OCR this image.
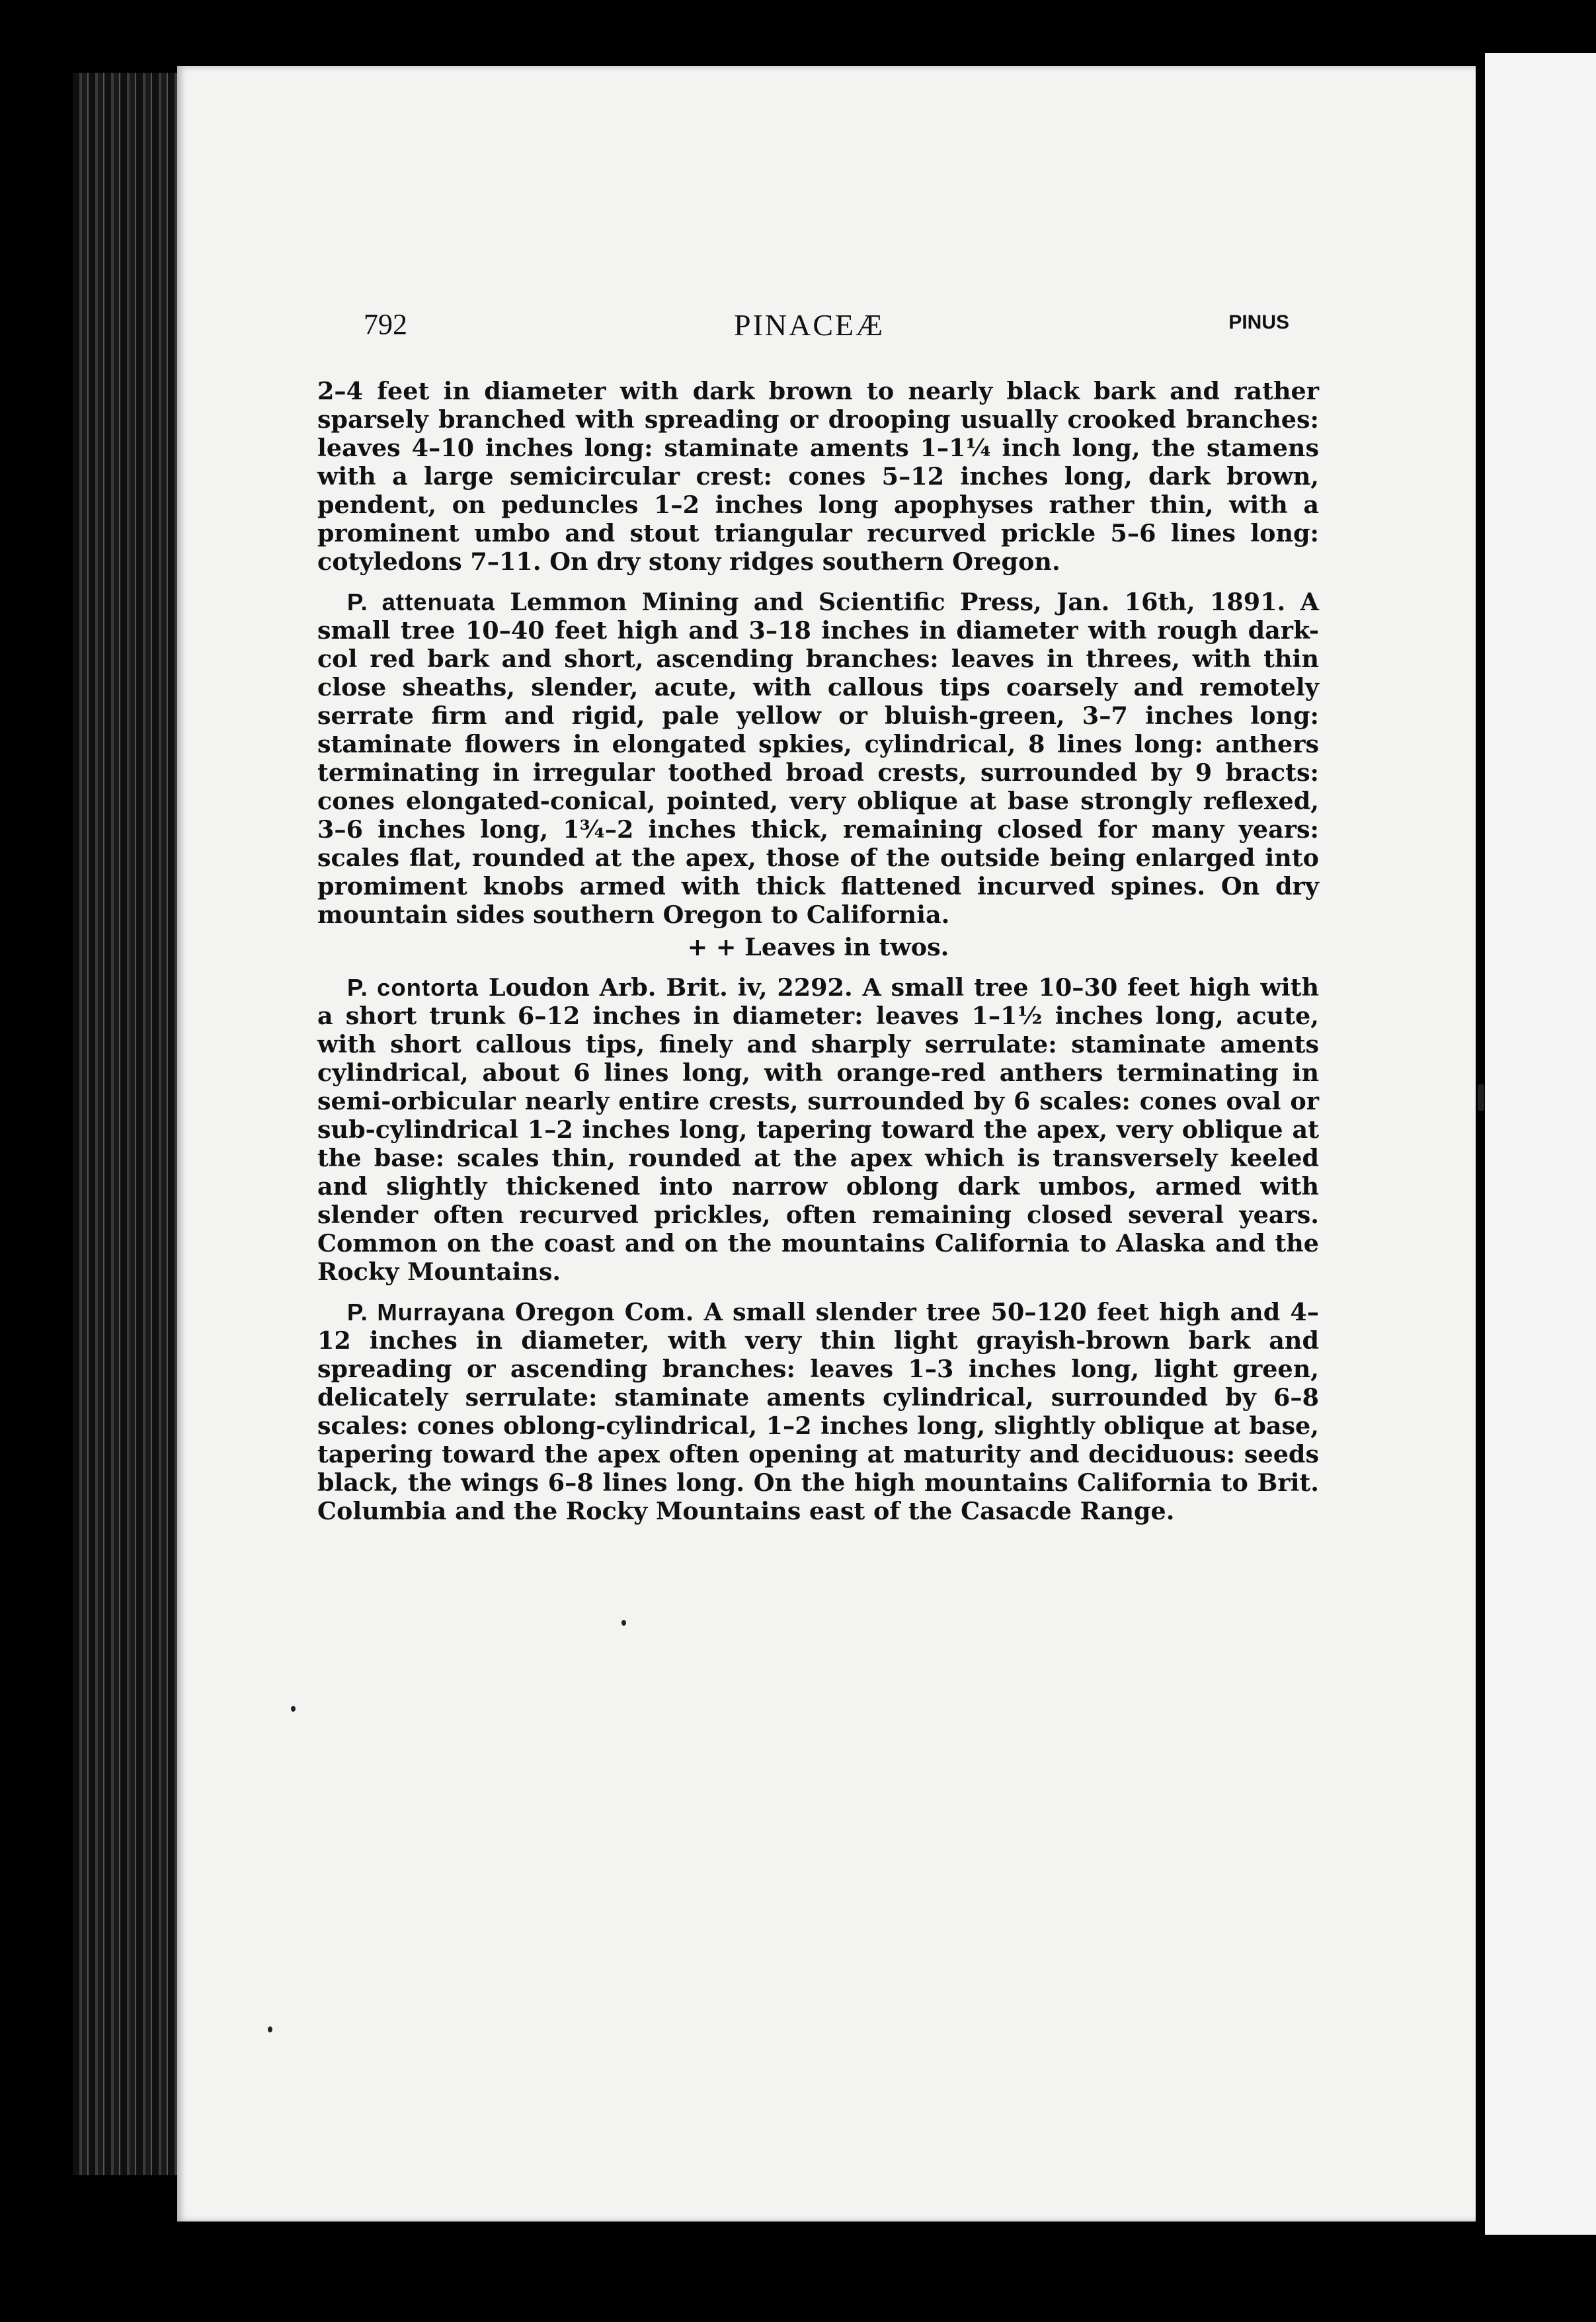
792	PINACEÆ	PINUS

2–4 feet in diameter with dark brown to nearly black bark and rather sparsely branched with spreading or drooping usually crooked branches: leaves 4–10 inches long: staminate aments 1–1¼ inch long, the stamens with a large semicircular crest: cones 5–12 inches long, dark brown, pendent, on peduncles 1–2 inches long apophyses rather thin, with a prominent umbo and stout triangular recurved prickle 5–6 lines long: cotyledons 7–11. On dry stony ridges southern Oregon.

P. attenuata Lemmon Mining and Scientific Press, Jan. 16th, 1891. A small tree 10–40 feet high and 3–18 inches in diameter with rough dark-col red bark and short, ascending branches: leaves in threes, with thin close sheaths, slender, acute, with callous tips coarsely and remotely serrate firm and rigid, pale yellow or bluish-green, 3–7 inches long: staminate flowers in elongated spkies, cylindrical, 8 lines long: anthers terminating in irregular toothed broad crests, surrounded by 9 bracts: cones elongated-conical, pointed, very oblique at base strongly reflexed, 3–6 inches long, 1¾–2 inches thick, remaining closed for many years: scales flat, rounded at the apex, those of the outside being enlarged into promiment knobs armed with thick flattened incurved spines. On dry mountain sides southern Oregon to California.

+ + Leaves in twos.

P. contorta Loudon Arb. Brit. iv, 2292. A small tree 10–30 feet high with a short trunk 6–12 inches in diameter: leaves 1–1½ inches long, acute, with short callous tips, finely and sharply serrulate: staminate aments cylindrical, about 6 lines long, with orange-red anthers terminating in semi-orbicular nearly entire crests, surrounded by 6 scales: cones oval or sub-cylindrical 1–2 inches long, tapering toward the apex, very oblique at the base: scales thin, rounded at the apex which is transversely keeled and slightly thickened into narrow oblong dark umbos, armed with slender often recurved prickles, often remaining closed several years. Common on the coast and on the mountains California to Alaska and the Rocky Mountains.

P. Murrayana Oregon Com. A small slender tree 50–120 feet high and 4–12 inches in diameter, with very thin light grayish-brown bark and spreading or ascending branches: leaves 1–3 inches long, light green, delicately serrulate: staminate aments cylindrical, surrounded by 6–8 scales: cones oblong-cylindrical, 1–2 inches long, slightly oblique at base, tapering toward the apex often opening at maturity and deciduous: seeds black, the wings 6–8 lines long. On the high mountains California to Brit. Columbia and the Rocky Mountains east of the Casacde Range.
